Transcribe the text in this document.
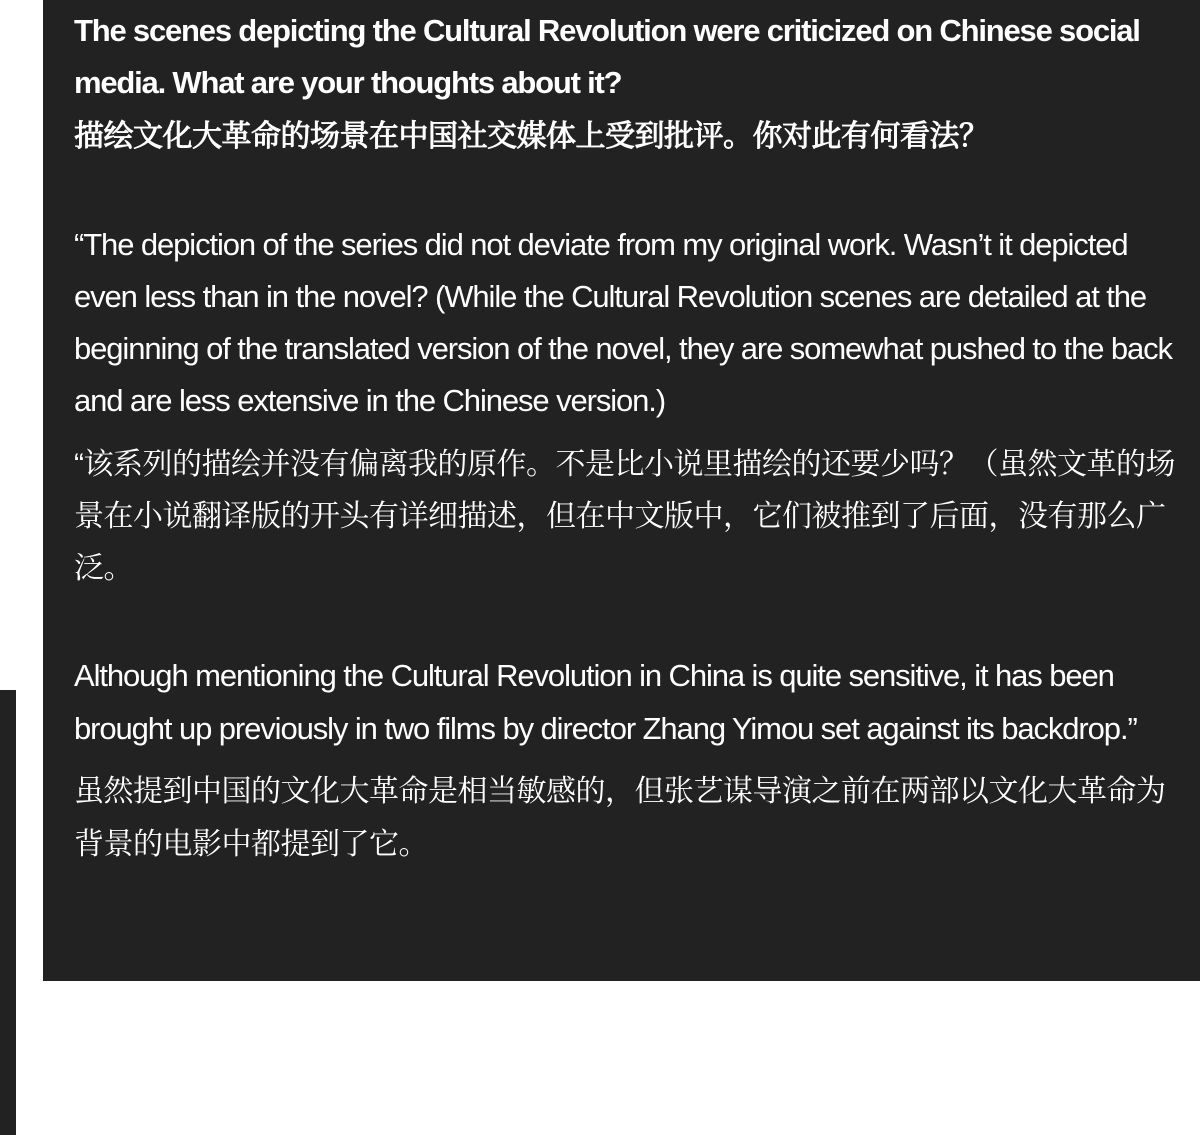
The scenes depicting the Cultural Revolution were criticized on Chinese social media. What are your thoughts about it?

描绘文化大革命的场景在中国社交媒体上受到批评。你对此有何看法？

“The depiction of the series did not deviate from my original work. Wasn’t it depicted even less than in the novel? (While the Cultural Revolution scenes are detailed at the beginning of the translated version of the novel, they are somewhat pushed to the back and are less extensive in the Chinese version.)

“该系列的描绘并没有偏离我的原作。不是比小说里描绘的还要少吗？（虽然文革的场景在小说翻译版的开头有详细描述，但在中文版中，它们被推到了后面，没有那么广泛。

Although mentioning the Cultural Revolution in China is quite sensitive, it has been brought up previously in two films by director Zhang Yimou set against its backdrop.”

虽然提到中国的文化大革命是相当敏感的，但张艺谋导演之前在两部以文化大革命为背景的电影中都提到了它。
